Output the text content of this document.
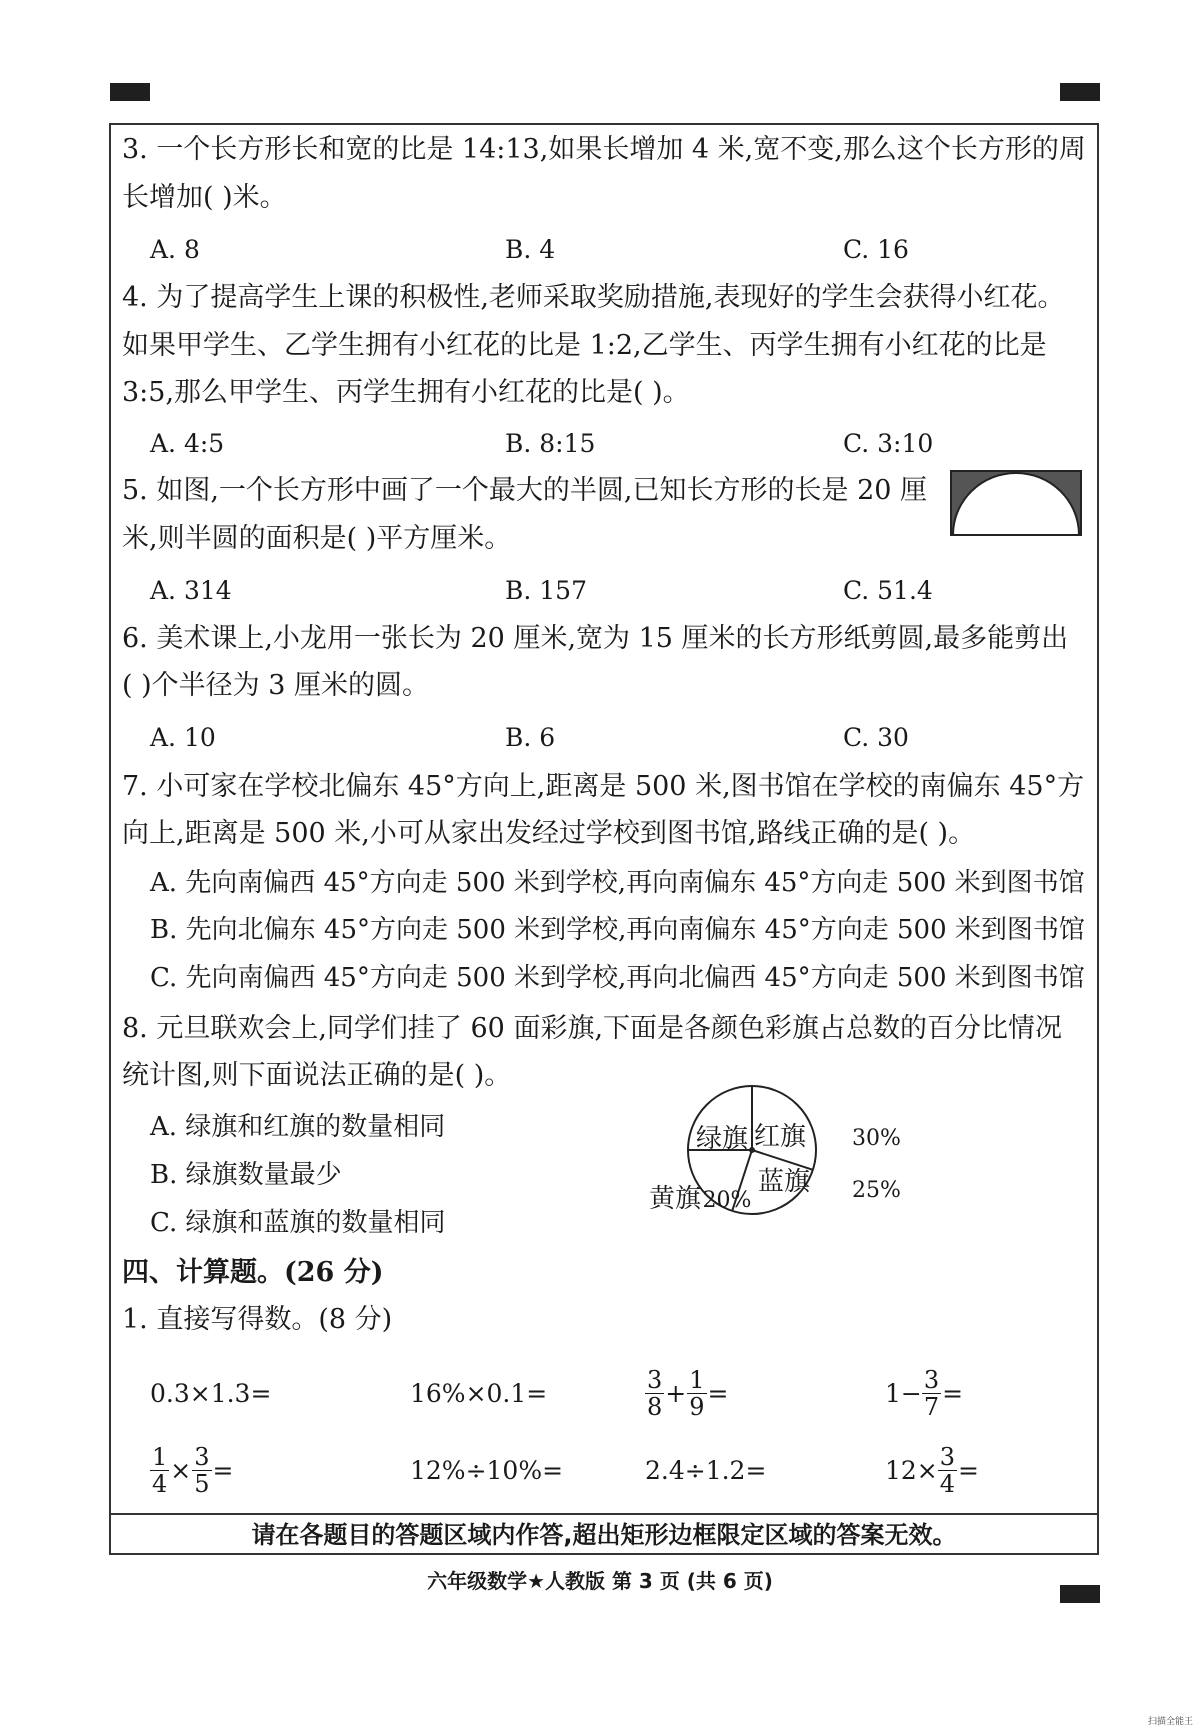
3. 一个长方形长和宽的比是 14:13,如果长增加 4 米,宽不变,那么这个长方形的周
长增加( )米。
A. 8	B. 4	C. 16
4. 为了提高学生上课的积极性,老师采取奖励措施,表现好的学生会获得小红花。
如果甲学生、乙学生拥有小红花的比是 1:2,乙学生、丙学生拥有小红花的比是
3:5,那么甲学生、丙学生拥有小红花的比是( )。
A. 4:5	B. 8:15	C. 3:10
5. 如图,一个长方形中画了一个最大的半圆,已知长方形的长是 20 厘
米,则半圆的面积是( )平方厘米。
A. 314	B. 157	C. 51.4
6. 美术课上,小龙用一张长为 20 厘米,宽为 15 厘米的长方形纸剪圆,最多能剪出
( )个半径为 3 厘米的圆。
A. 10	B. 6	C. 30
7. 小可家在学校北偏东 45°方向上,距离是 500 米,图书馆在学校的南偏东 45°方
向上,距离是 500 米,小可从家出发经过学校到图书馆,路线正确的是( )。
A. 先向南偏西 45°方向走 500 米到学校,再向南偏东 45°方向走 500 米到图书馆
B. 先向北偏东 45°方向走 500 米到学校,再向南偏东 45°方向走 500 米到图书馆
C. 先向南偏西 45°方向走 500 米到学校,再向北偏西 45°方向走 500 米到图书馆
8. 元旦联欢会上,同学们挂了 60 面彩旗,下面是各颜色彩旗占总数的百分比情况
统计图,则下面说法正确的是( )。
A. 绿旗和红旗的数量相同
B. 绿旗数量最少
C. 绿旗和蓝旗的数量相同
红旗 30%
蓝旗 25%
黄旗 20%
绿旗
四、计算题。(26 分)
1. 直接写得数。(8 分)
0.3×1.3=	16%×0.1=	$\frac{3}{8} + \frac{1}{9}$ =	$1- \frac{3}{7}$ =
$\frac{1}{4} \times \frac{3}{5}$ =	12%÷10%=	2.4÷1.2=	$12\times \frac{3}{4}$ =
请在各题目的答题区域内作答,超出矩形边框限定区域的答案无效。
六年级数学★人教版 第 3 页 (共 6 页)
扫描全能王
